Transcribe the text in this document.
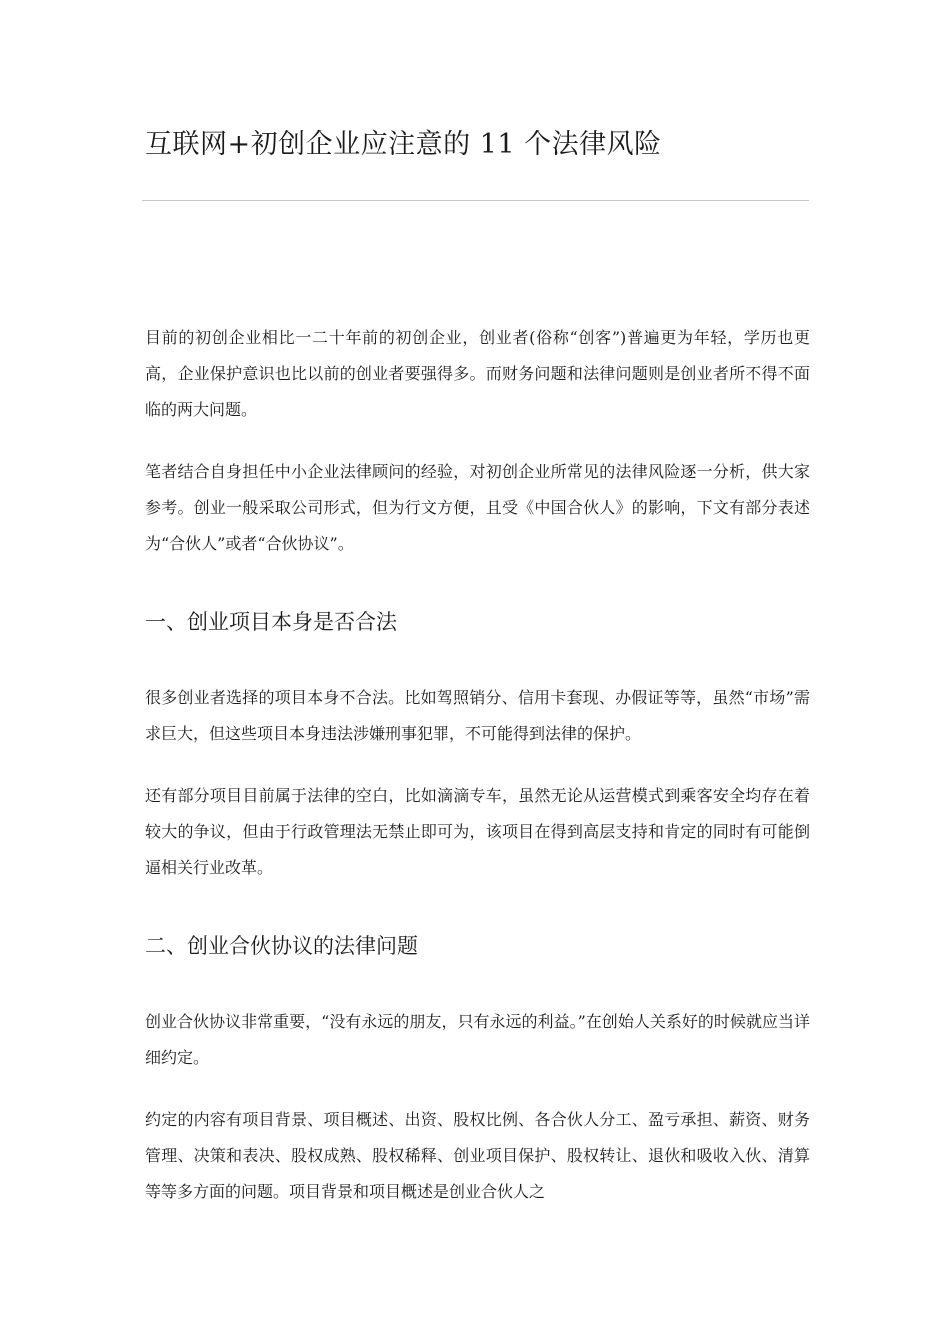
互联网+初创企业应注意的 11 个法律风险

目前的初创企业相比一二十年前的初创企业，创业者(俗称“创客”)普遍更为年轻，学历也更高，企业保护意识也比以前的创业者要强得多。而财务问题和法律问题则是创业者所不得不面临的两大问题。

笔者结合自身担任中小企业法律顾问的经验，对初创企业所常见的法律风险逐一分析，供大家参考。创业一般采取公司形式，但为行文方便，且受《中国合伙人》的影响，下文有部分表述为“合伙人”或者“合伙协议”。

一、创业项目本身是否合法

很多创业者选择的项目本身不合法。比如驾照销分、信用卡套现、办假证等等，虽然“市场”需求巨大，但这些项目本身违法涉嫌刑事犯罪，不可能得到法律的保护。

还有部分项目目前属于法律的空白，比如滴滴专车，虽然无论从运营模式到乘客安全均存在着较大的争议，但由于行政管理法无禁止即可为，该项目在得到高层支持和肯定的同时有可能倒逼相关行业改革。

二、创业合伙协议的法律问题

创业合伙协议非常重要，“没有永远的朋友，只有永远的利益。”在创始人关系好的时候就应当详细约定。

约定的内容有项目背景、项目概述、出资、股权比例、各合伙人分工、盈亏承担、薪资、财务管理、决策和表决、股权成熟、股权稀释、创业项目保护、股权转让、退伙和吸收入伙、清算等等多方面的问题。项目背景和项目概述是创业合伙人之
